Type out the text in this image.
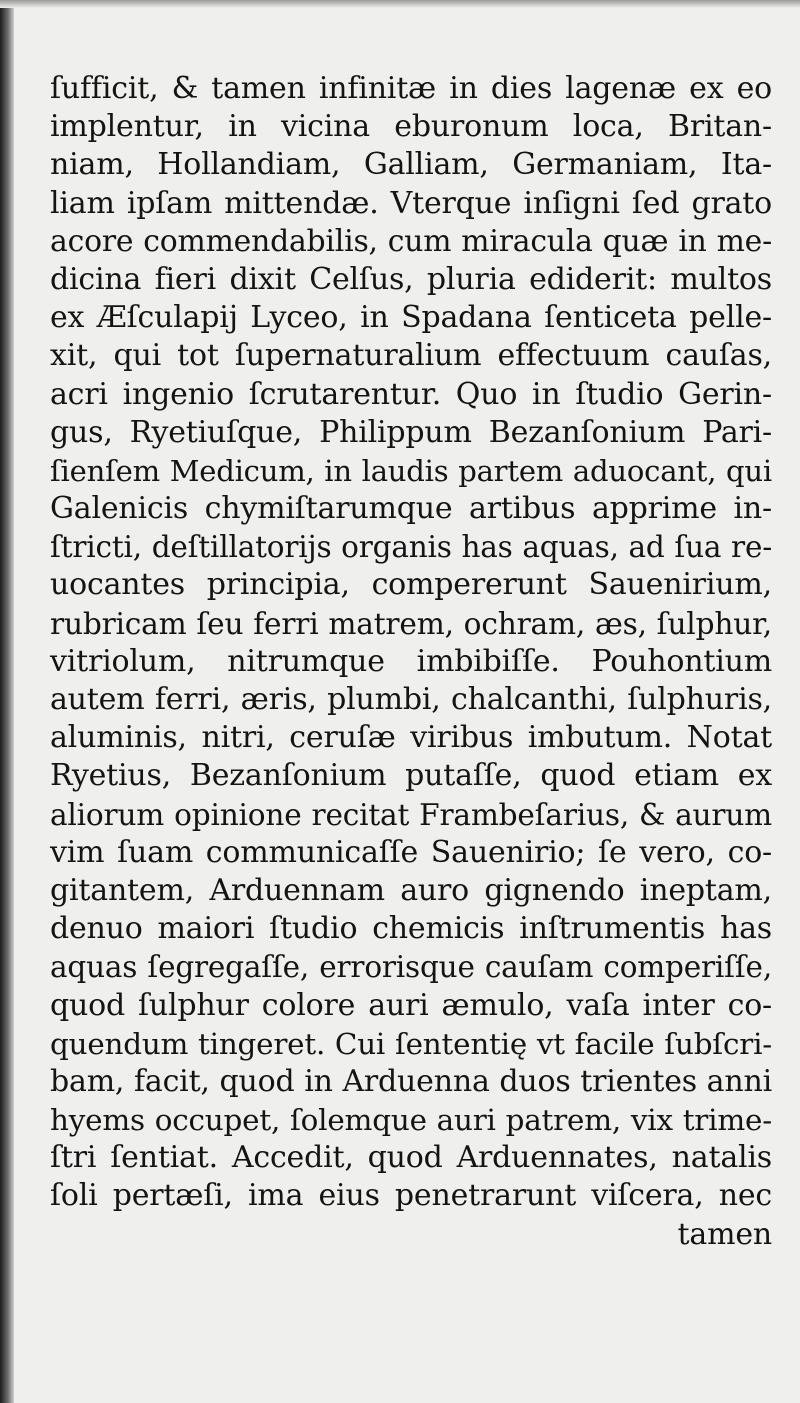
ſufficit, & tamen infinitæ in dies lagenæ ex eo
implentur, in vicina eburonum loca, Britan-
niam, Hollandiam, Galliam, Germaniam, Ita-
liam ipſam mittendæ. Vterque inſigni ſed grato
acore commendabilis, cum miracula quæ in me-
dicina fieri dixit Celſus, pluria ediderit: multos
ex Æſculapij Lyceo, in Spadana ſenticeta pelle-
xit, qui tot ſupernaturalium effectuum cauſas,
acri ingenio ſcrutarentur. Quo in ſtudio Gerin-
gus, Ryetiuſque, Philippum Bezanſonium Pari-
ſienſem Medicum, in laudis partem aduocant, qui
Galenicis chymiſtarumque artibus apprime in-
ſtricti, deſtillatorijs organis has aquas, ad ſua re-
uocantes principia, compererunt Sauenirium,
rubricam ſeu ferri matrem, ochram, æs, ſulphur,
vitriolum, nitrumque imbibiſſe. Pouhontium
autem ferri, æris, plumbi, chalcanthi, ſulphuris,
aluminis, nitri, ceruſæ viribus imbutum. Notat
Ryetius, Bezanſonium putaſſe, quod etiam ex
aliorum opinione recitat Frambeſarius, & aurum
vim ſuam communicaſſe Sauenirio; ſe vero, co-
gitantem, Arduennam auro gignendo ineptam,
denuo maiori ſtudio chemicis inſtrumentis has
aquas ſegregaſſe, errorisque cauſam comperiſſe,
quod ſulphur colore auri æmulo, vaſa inter co-
quendum tingeret. Cui ſententię vt facile ſubſcri-
bam, facit, quod in Arduenna duos trientes anni
hyems occupet, ſolemque auri patrem, vix trime-
ſtri ſentiat. Accedit, quod Arduennates, natalis
ſoli pertæſi, ima eius penetrarunt viſcera, nec
tamen
